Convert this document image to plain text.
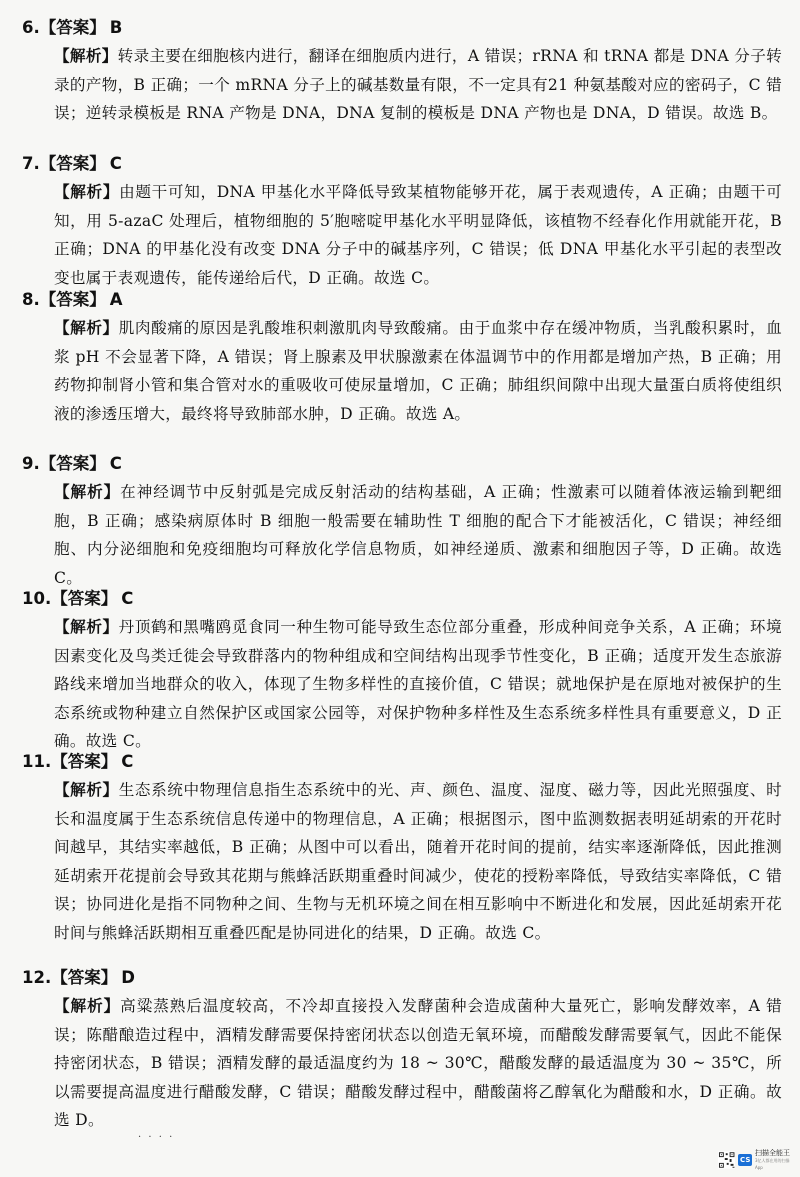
6.【答案】 B
【解析】转录主要在细胞核内进行，翻译在细胞质内进行，A 错误；rRNA 和 tRNA 都是 DNA 分子转录的产物，B 正确；一个 mRNA 分子上的碱基数量有限，不一定具有21 种氨基酸对应的密码子，C 错误；逆转录模板是 RNA 产物是 DNA，DNA 复制的模板是 DNA 产物也是 DNA，D 错误。故选 B。
7.【答案】 C
【解析】由题干可知，DNA 甲基化水平降低导致某植物能够开花，属于表观遗传，A 正确；由题干可知，用 5-azaC 处理后，植物细胞的 5′胞嘧啶甲基化水平明显降低，该植物不经春化作用就能开花，B 正确；DNA 的甲基化没有改变 DNA 分子中的碱基序列，C 错误；低 DNA 甲基化水平引起的表型改变也属于表观遗传，能传递给后代，D 正确。故选 C。
8.【答案】 A
【解析】肌肉酸痛的原因是乳酸堆积刺激肌肉导致酸痛。由于血浆中存在缓冲物质，当乳酸积累时，血浆 pH 不会显著下降，A 错误；肾上腺素及甲状腺激素在体温调节中的作用都是增加产热，B 正确；用药物抑制肾小管和集合管对水的重吸收可使尿量增加，C 正确；肺组织间隙中出现大量蛋白质将使组织液的渗透压增大，最终将导致肺部水肿，D 正确。故选 A。
9.【答案】 C
【解析】在神经调节中反射弧是完成反射活动的结构基础，A 正确；性激素可以随着体液运输到靶细胞，B 正确；感染病原体时 B 细胞一般需要在辅助性 T 细胞的配合下才能被活化，C 错误；神经细胞、内分泌细胞和免疫细胞均可释放化学信息物质，如神经递质、激素和细胞因子等，D 正确。故选 C。
10.【答案】 C
【解析】丹顶鹤和黑嘴鸥觅食同一种生物可能导致生态位部分重叠，形成种间竞争关系，A 正确；环境因素变化及鸟类迁徙会导致群落内的物种组成和空间结构出现季节性变化，B 正确；适度开发生态旅游路线来增加当地群众的收入，体现了生物多样性的直接价值，C 错误；就地保护是在原地对被保护的生态系统或物种建立自然保护区或国家公园等，对保护物种多样性及生态系统多样性具有重要意义，D 正确。故选 C。
11.【答案】 C
【解析】生态系统中物理信息指生态系统中的光、声、颜色、温度、湿度、磁力等，因此光照强度、时长和温度属于生态系统信息传递中的物理信息，A 正确；根据图示，图中监测数据表明延胡索的开花时间越早，其结实率越低，B 正确；从图中可以看出，随着开花时间的提前，结实率逐渐降低，因此推测延胡索开花提前会导致其花期与熊蜂活跃期重叠时间减少，使花的授粉率降低，导致结实率降低，C 错误；协同进化是指不同物种之间、生物与无机环境之间在相互影响中不断进化和发展，因此延胡索开花时间与熊蜂活跃期相互重叠匹配是协同进化的结果，D 正确。故选 C。
12.【答案】 D
【解析】高粱蒸熟后温度较高，不冷却直接投入发酵菌种会造成菌种大量死亡，影响发酵效率，A 错误；陈醋酿造过程中，酒精发酵需要保持密闭状态以创造无氧环境，而醋酸发酵需要氧气，因此不能保持密闭状态，B 错误；酒精发酵的最适温度约为 18 ~ 30℃，醋酸发酵的最适温度为 30 ~ 35℃，所以需要提高温度进行醋酸发酵，C 错误；醋酸发酵过程中，醋酸菌将乙醇氧化为醋酸和水，D 正确。故选 D。
· · · ·
CS
扫描全能王
3亿人都在用的扫描App
